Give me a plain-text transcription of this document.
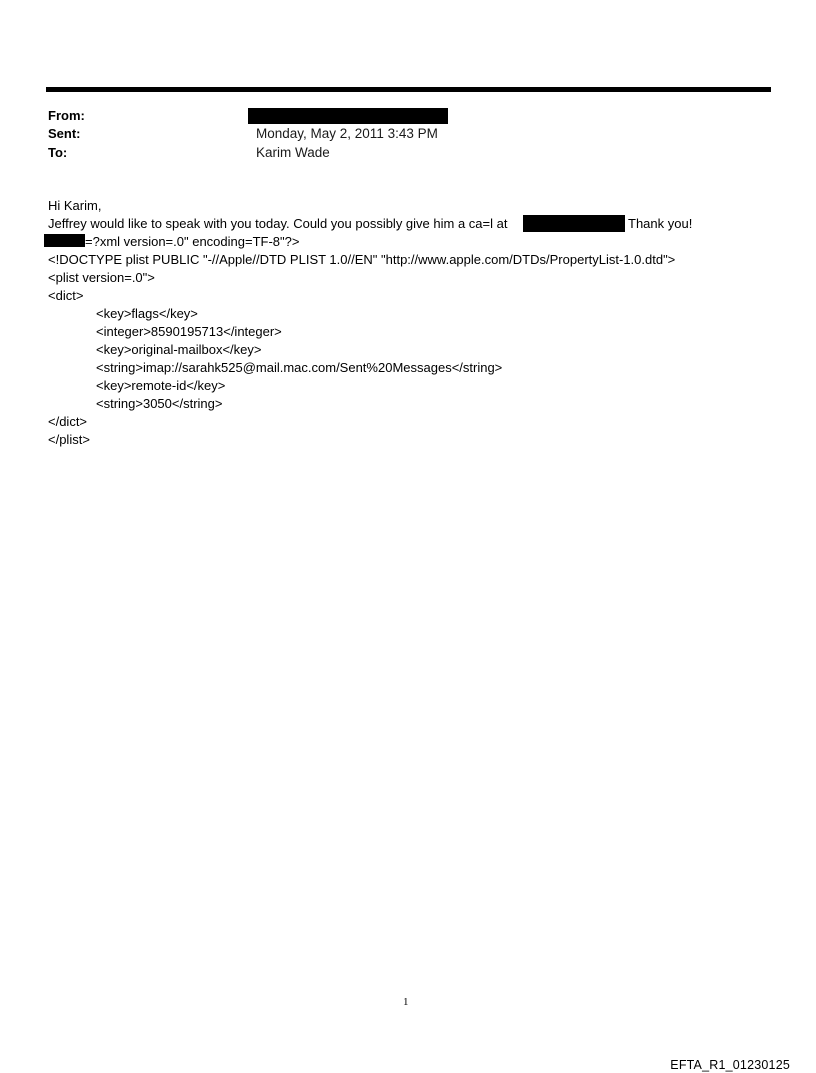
From:
Sent:	Monday, May 2, 2011 3:43 PM
To:	Karim Wade
Hi Karim,
Jeffrey would like to speak with you today. Could you possibly give him a ca=l at	Thank you!
=?xml version=.0" encoding=TF-8"?>
<!DOCTYPE plist PUBLIC "-//Apple//DTD PLIST 1.0//EN" "http://www.apple.com/DTDs/PropertyList-1.0.dtd">
<plist version=.0">
<dict>
<key>flags</key>
<integer>8590195713</integer>
<key>original-mailbox</key>
<string>imap://sarahk525@mail.mac.com/Sent%20Messages</string>
<key>remote-id</key>
<string>3050</string>
</dict>
</plist>
1
EFTA_R1_01230125
